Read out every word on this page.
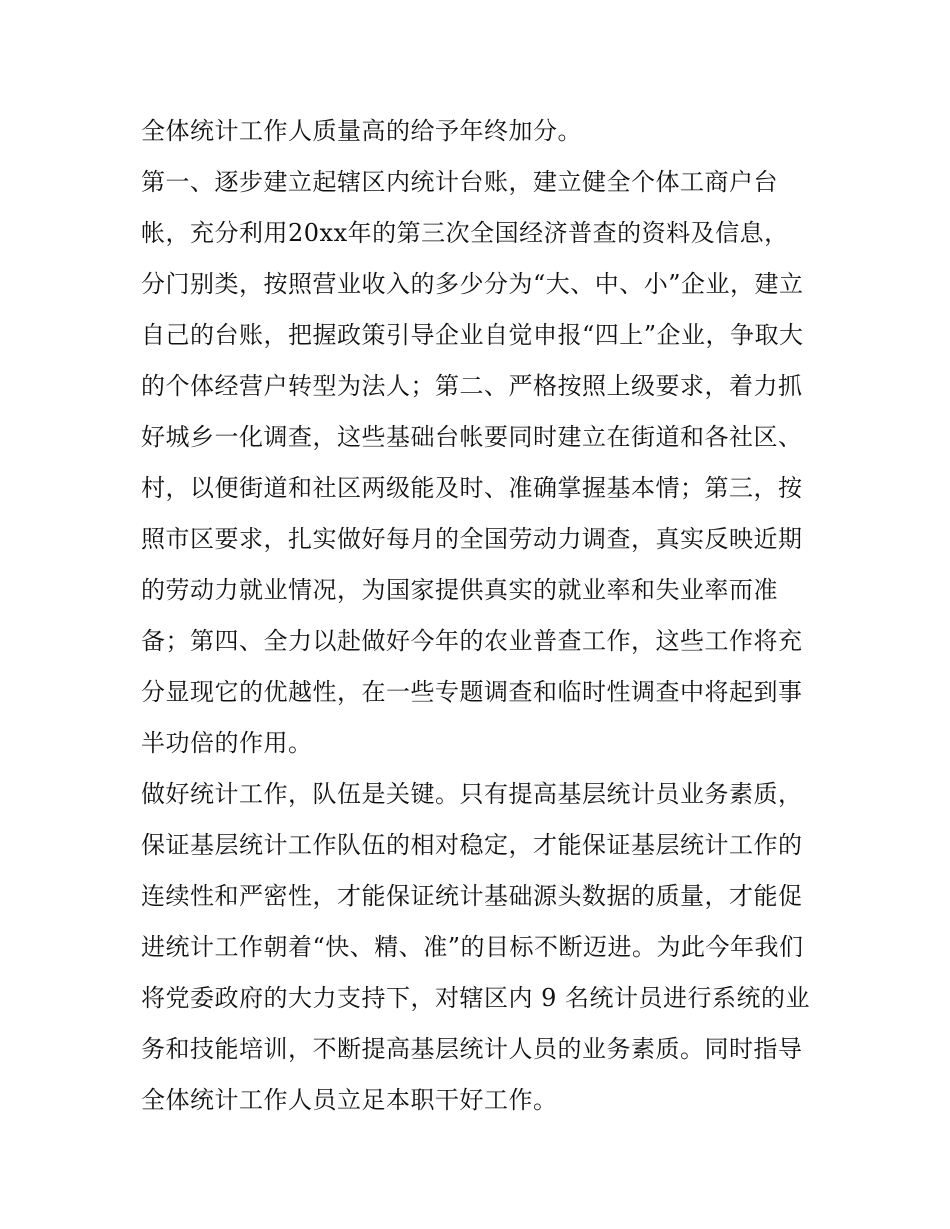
全体统计工作人质量高的给予年终加分。
第一、逐步建立起辖区内统计台账，建立健全个体工商户台
帐，充分利用20xx年的第三次全国经济普查的资料及信息，
分门别类，按照营业收入的多少分为“大、中、小”企业，建立
自己的台账，把握政策引导企业自觉申报“四上”企业，争取大
的个体经营户转型为法人；第二、严格按照上级要求，着力抓
好城乡一化调查，这些基础台帐要同时建立在街道和各社区、
村，以便街道和社区两级能及时、准确掌握基本情；第三，按
照市区要求，扎实做好每月的全国劳动力调查，真实反映近期
的劳动力就业情况，为国家提供真实的就业率和失业率而准
备；第四、全力以赴做好今年的农业普查工作，这些工作将充
分显现它的优越性，在一些专题调查和临时性调查中将起到事
半功倍的作用。
做好统计工作，队伍是关键。只有提高基层统计员业务素质，
保证基层统计工作队伍的相对稳定，才能保证基层统计工作的
连续性和严密性，才能保证统计基础源头数据的质量，才能促
进统计工作朝着“快、精、准”的目标不断迈进。为此今年我们
将党委政府的大力支持下，对辖区内 9 名统计员进行系统的业
务和技能培训，不断提高基层统计人员的业务素质。同时指导
全体统计工作人员立足本职干好工作。
